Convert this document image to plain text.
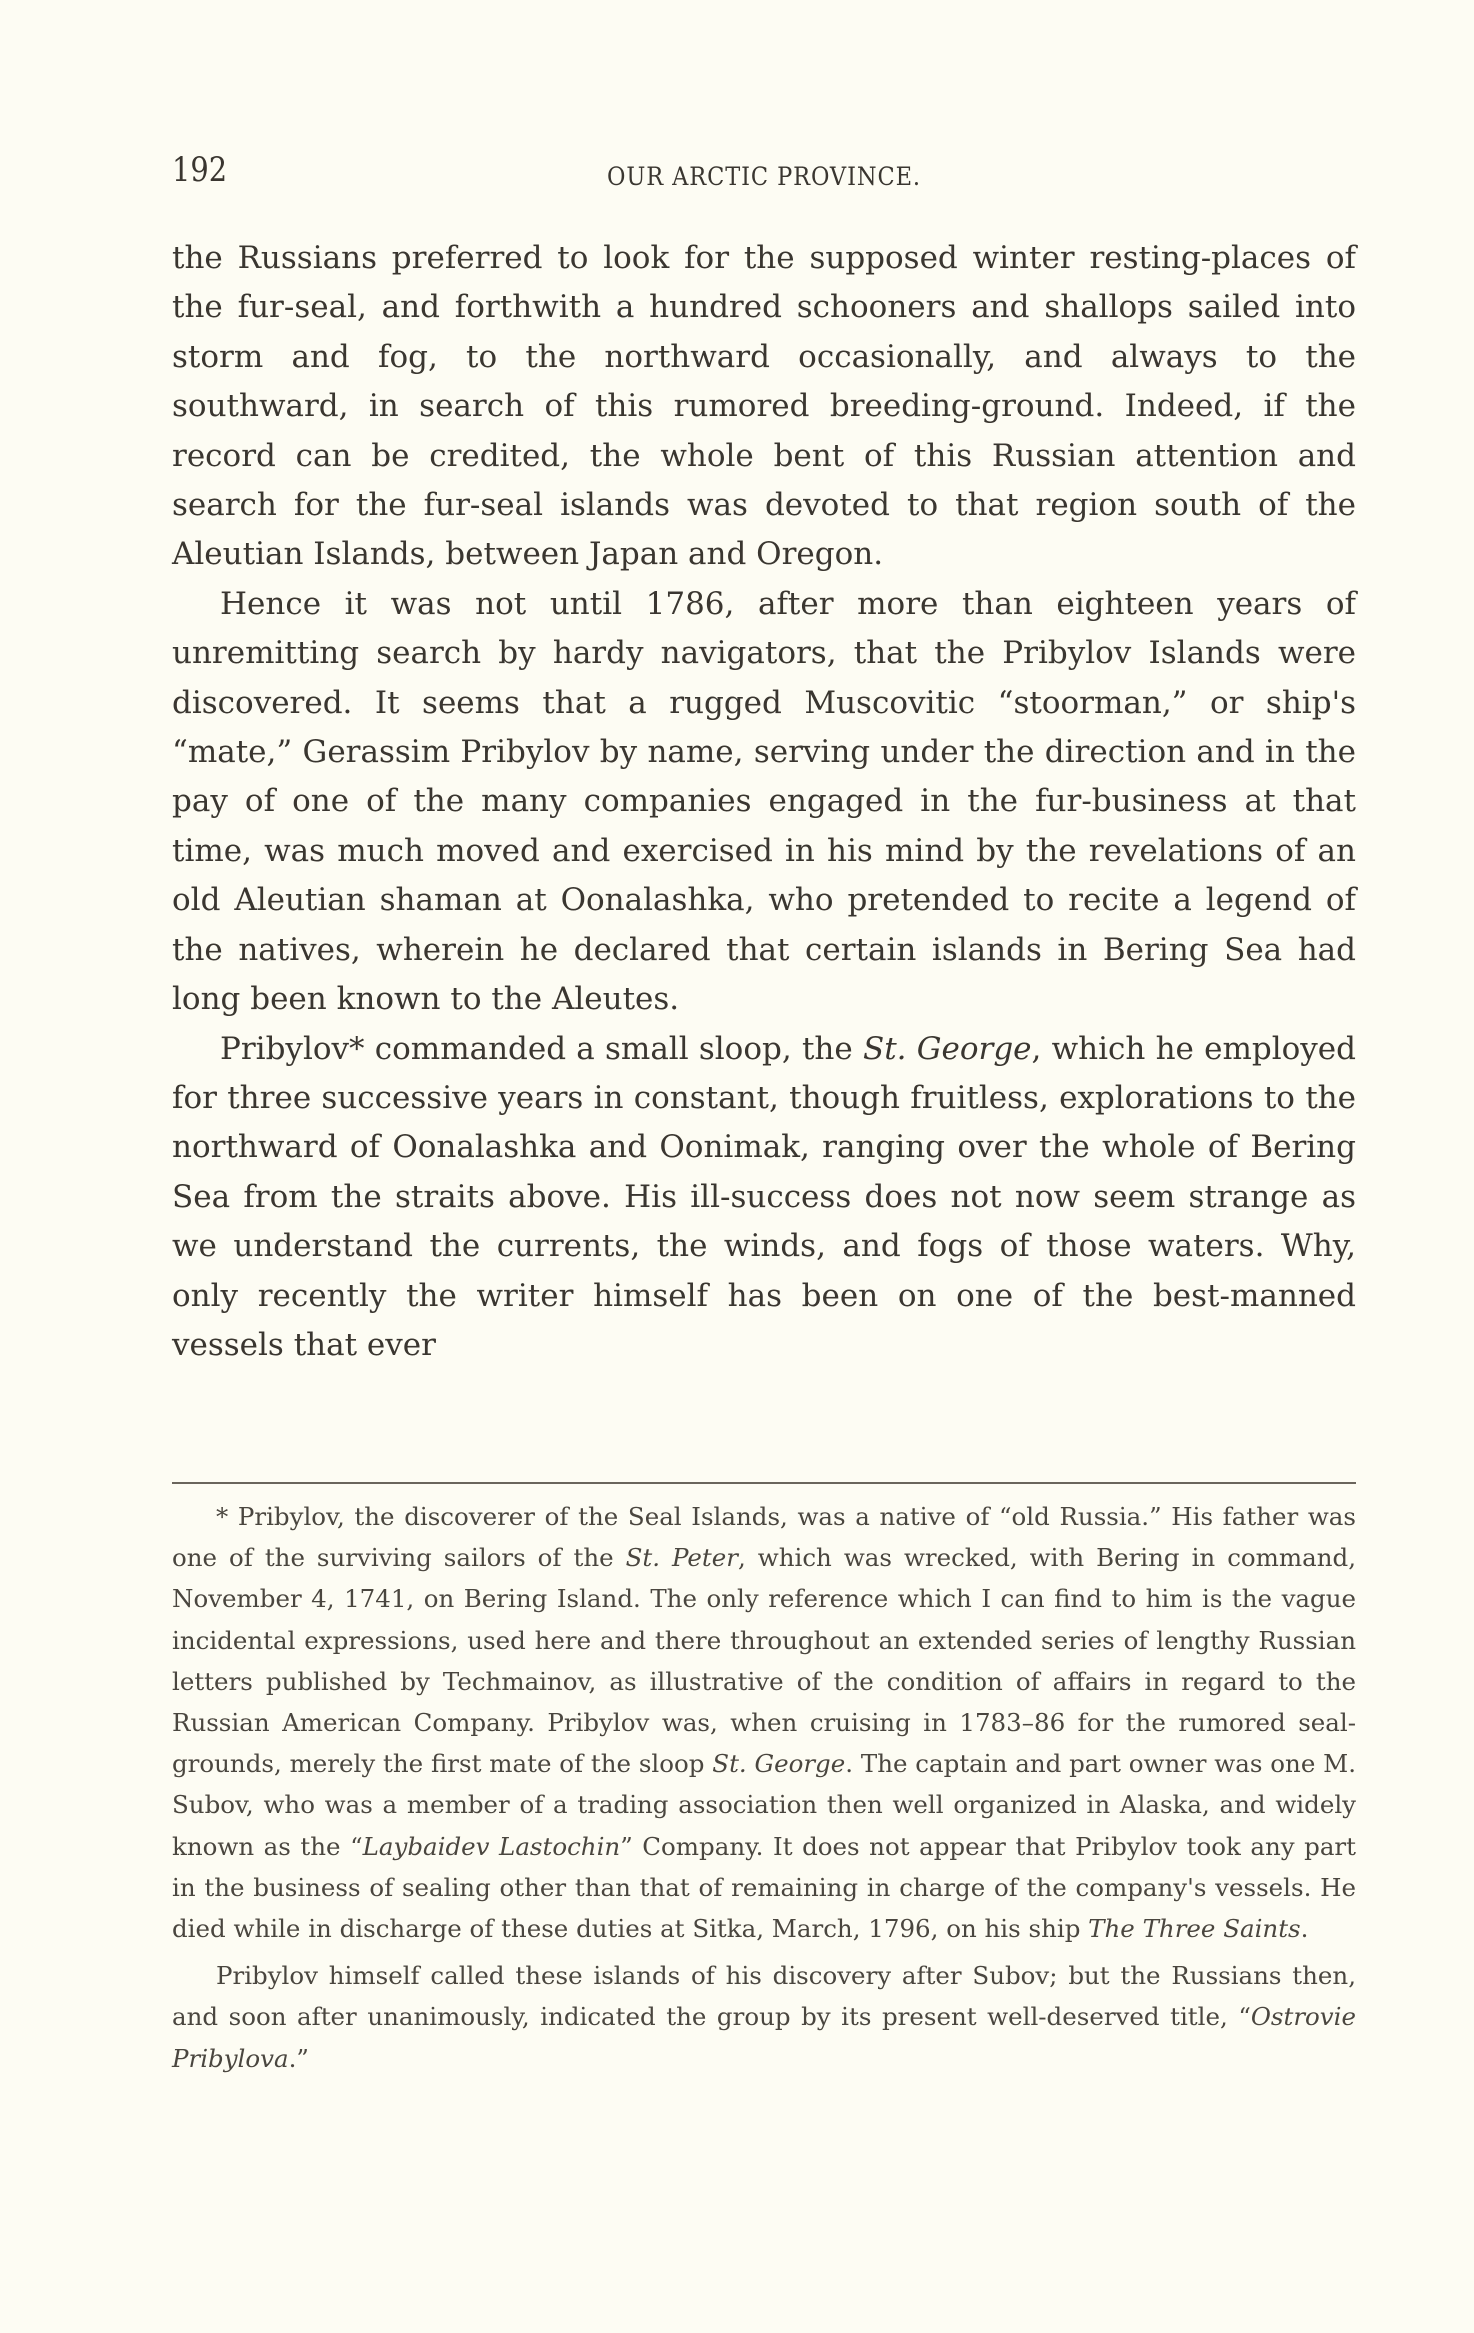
192	OUR ARCTIC PROVINCE.

the Russians preferred to look for the supposed winter resting-places of the fur-seal, and forthwith a hundred schooners and shallops sailed into storm and fog, to the northward occasionally, and always to the southward, in search of this rumored breeding-ground. Indeed, if the record can be credited, the whole bent of this Russian attention and search for the fur-seal islands was devoted to that region south of the Aleutian Islands, between Japan and Oregon.

Hence it was not until 1786, after more than eighteen years of unremitting search by hardy navigators, that the Pribylov Islands were discovered. It seems that a rugged Muscovitic “stoorman,” or ship's “mate,” Gerassim Pribylov by name, serving under the direction and in the pay of one of the many companies engaged in the fur-business at that time, was much moved and exercised in his mind by the revelations of an old Aleutian shaman at Oonalashka, who pretended to recite a legend of the natives, wherein he declared that certain islands in Bering Sea had long been known to the Aleutes.

Pribylov* commanded a small sloop, the St. George, which he employed for three successive years in constant, though fruitless, explorations to the northward of Oonalashka and Oonimak, ranging over the whole of Bering Sea from the straits above. His ill-success does not now seem strange as we understand the currents, the winds, and fogs of those waters. Why, only recently the writer himself has been on one of the best-manned vessels that ever

* Pribylov, the discoverer of the Seal Islands, was a native of “old Russia.” His father was one of the surviving sailors of the St. Peter, which was wrecked, with Bering in command, November 4, 1741, on Bering Island. The only reference which I can find to him is the vague incidental expressions, used here and there throughout an extended series of lengthy Russian letters published by Techmainov, as illustrative of the condition of affairs in regard to the Russian American Company. Pribylov was, when cruising in 1783–86 for the rumored seal-grounds, merely the first mate of the sloop St. George. The captain and part owner was one M. Subov, who was a member of a trading association then well organized in Alaska, and widely known as the “Laybaidev Lastochin” Company. It does not appear that Pribylov took any part in the business of sealing other than that of remaining in charge of the company's vessels. He died while in discharge of these duties at Sitka, March, 1796, on his ship The Three Saints.

Pribylov himself called these islands of his discovery after Subov; but the Russians then, and soon after unanimously, indicated the group by its present well-deserved title, “Ostrovie Pribylova.”
